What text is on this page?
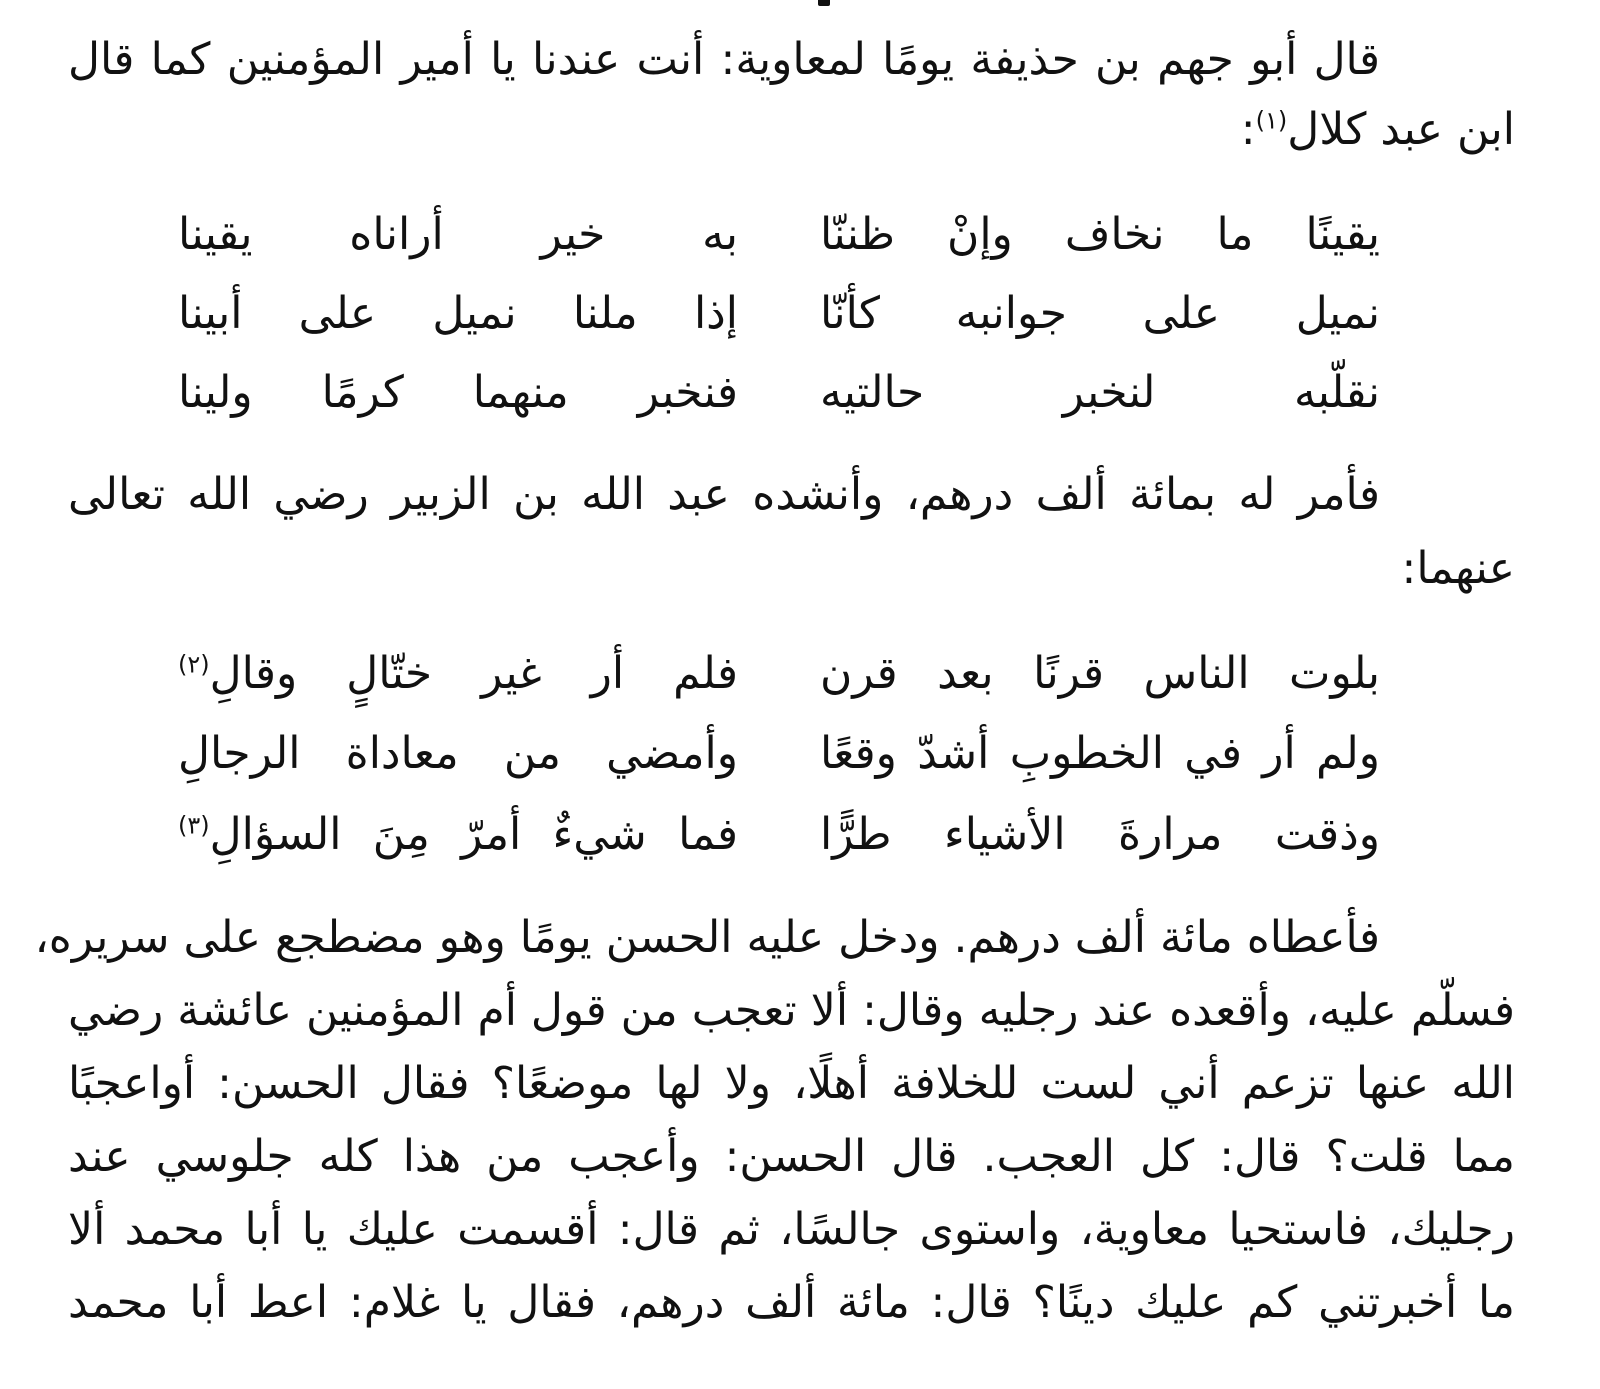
قال أبو جهم بن حذيفة يومًا لمعاوية: أنت عندنا يا أمير المؤمنين كما قال
ابن عبد كلال$^{(١)}$:
يقينًا ما نخاف وإنْ ظننّا
به خير أراناه يقينا
نميل على جوانبه كأنّا
إذا ملنا نميل على أبينا
نقلّبه لنخبر حالتيه
فنخبر منهما كرمًا ولينا
فأمر له بمائة ألف درهم، وأنشده عبد الله بن الزبير رضي الله تعالى
عنهما:
بلوت الناس قرنًا بعد قرن
فلم أر غير ختّالٍ وقالِ$^{(٢)}$
ولم أر في الخطوبِ أشدّ وقعًا
وأمضي من معاداة الرجالِ
وذقت مرارةَ الأشياء طرًّا
فما شيءٌ أمرّ مِنَ السؤالِ$^{(٣)}$
فأعطاه مائة ألف درهم. ودخل عليه الحسن يومًا وهو مضطجع على سريره،
فسلّم عليه، وأقعده عند رجليه وقال: ألا تعجب من قول أم المؤمنين عائشة رضي
الله عنها تزعم أني لست للخلافة أهلًا، ولا لها موضعًا؟ فقال الحسن: أواعجبًا
مما قلت؟ قال: كل العجب. قال الحسن: وأعجب من هذا كله جلوسي عند
رجليك، فاستحيا معاوية، واستوى جالسًا، ثم قال: أقسمت عليك يا أبا محمد ألا
ما أخبرتني كم عليك دينًا؟ قال: مائة ألف درهم، فقال يا غلام: اعط أبا محمد
